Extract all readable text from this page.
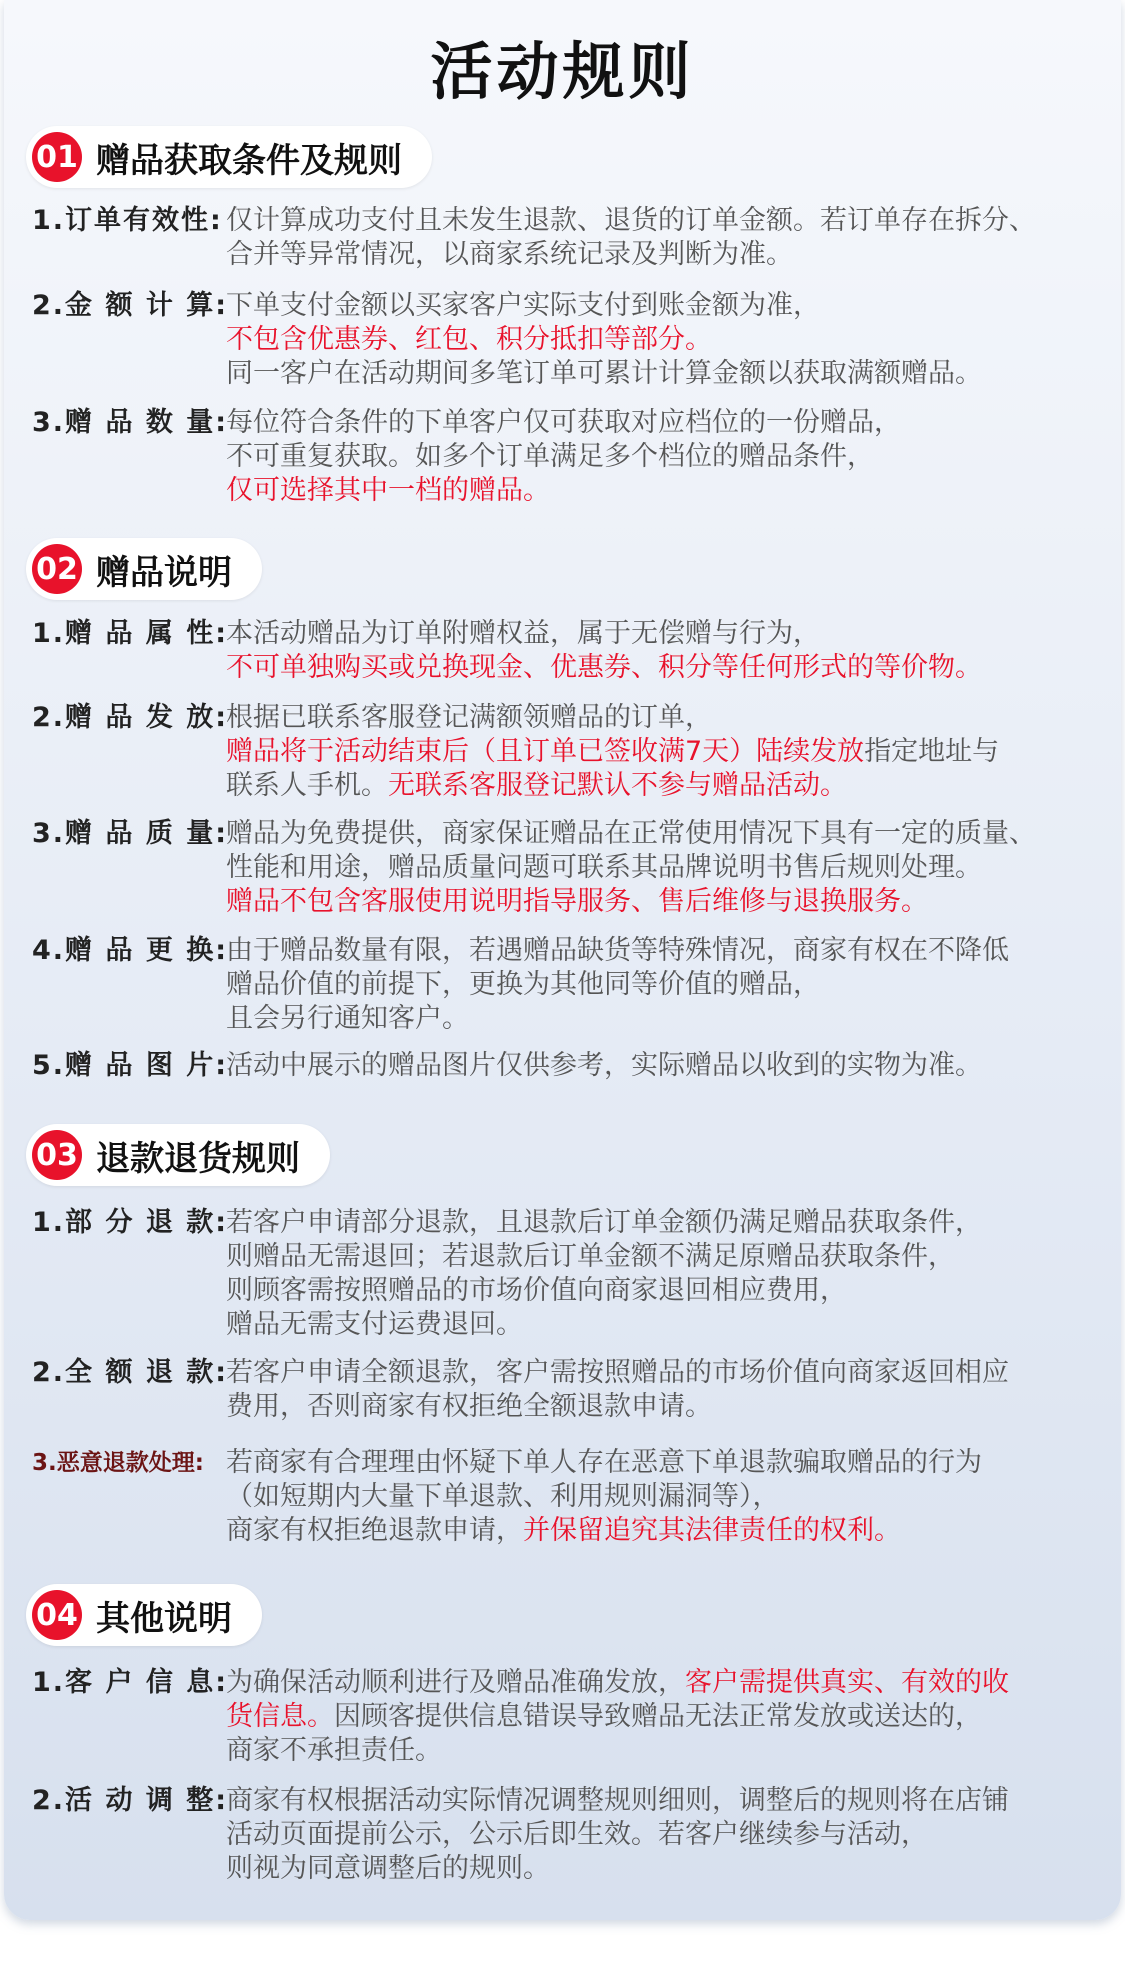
活动规则
01 赠品获取条件及规则
1.订单有效性: 仅计算成功支付且未发生退款、退货的订单金额。若订单存在拆分、
合并等异常情况，以商家系统记录及判断为准。
2.金 额 计 算:
下单支付金额以买家客户实际支付到账金额为准，
不包含优惠券、红包、积分抵扣等部分。
同一客户在活动期间多笔订单可累计计算金额以获取满额赠品。
3.赠 品 数 量:
每位符合条件的下单客户仅可获取对应档位的一份赠品，
不可重复获取。如多个订单满足多个档位的赠品条件，
仅可选择其中一档的赠品。
02 赠品说明
1.赠 品 属 性:
本活动赠品为订单附赠权益，属于无偿赠与行为，
不可单独购买或兑换现金、优惠券、积分等任何形式的等价物。
2.赠 品 发 放:
根据已联系客服登记满额领赠品的订单，
赠品将于活动结束后（且订单已签收满7天）陆续发放指定地址与
联系人手机。无联系客服登记默认不参与赠品活动。
3.赠 品 质 量:
赠品为免费提供，商家保证赠品在正常使用情况下具有一定的质量、
性能和用途，赠品质量问题可联系其品牌说明书售后规则处理。
赠品不包含客服使用说明指导服务、售后维修与退换服务。
4.赠 品 更 换:
由于赠品数量有限，若遇赠品缺货等特殊情况，商家有权在不降低
赠品价值的前提下，更换为其他同等价值的赠品，
且会另行通知客户。
5.赠 品 图 片:
活动中展示的赠品图片仅供参考，实际赠品以收到的实物为准。
03 退款退货规则
1.部 分 退 款:
若客户申请部分退款，且退款后订单金额仍满足赠品获取条件，
则赠品无需退回；若退款后订单金额不满足原赠品获取条件，
则顾客需按照赠品的市场价值向商家退回相应费用，
赠品无需支付运费退回。
2.全 额 退 款:
若客户申请全额退款，客户需按照赠品的市场价值向商家返回相应
费用，否则商家有权拒绝全额退款申请。
3.恶意退款处理: 若商家有合理理由怀疑下单人存在恶意下单退款骗取赠品的行为
（如短期内大量下单退款、利用规则漏洞等），
商家有权拒绝退款申请，并保留追究其法律责任的权利。
04 其他说明
1.客 户 信 息:
为确保活动顺利进行及赠品准确发放，客户需提供真实、有效的收
货信息。因顾客提供信息错误导致赠品无法正常发放或送达的，
商家不承担责任。
2.活 动 调 整:
商家有权根据活动实际情况调整规则细则，调整后的规则将在店铺
活动页面提前公示，公示后即生效。若客户继续参与活动，
则视为同意调整后的规则。
